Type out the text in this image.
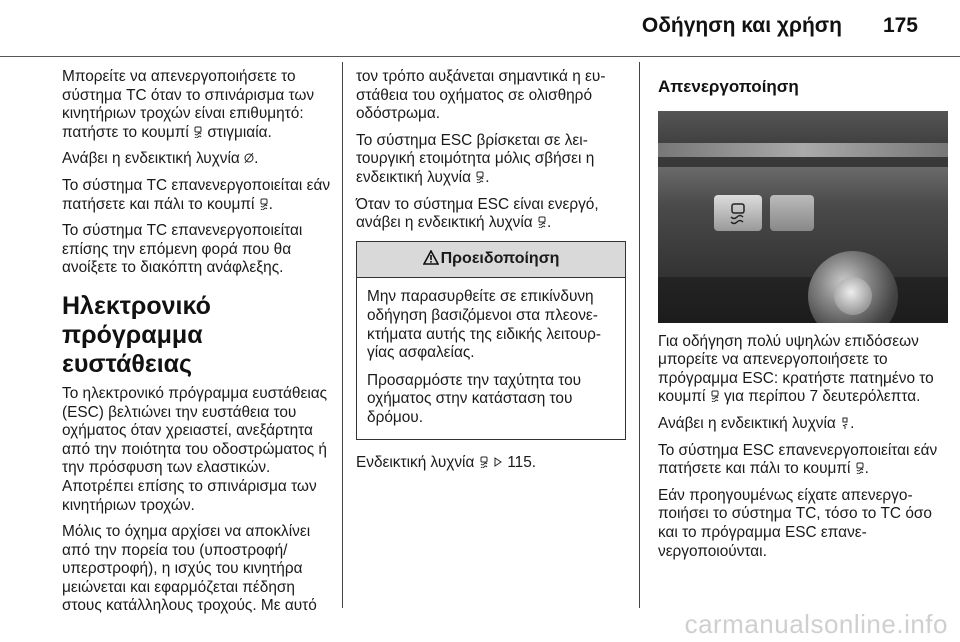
Οδήγηση και χρήση 175

Μπορείτε να απενεργοποιήσετε το σύστημα TC όταν το σπινάρισμα των κινητήριων τροχών είναι επιθυμητό: πατήστε το κουμπί στιγμιαία.

Ανάβει η ενδεικτική λυχνία .

Το σύστημα TC επανενεργοποιείται εάν πατήσετε και πάλι το κουμπί .

Το σύστημα TC επανενεργοποιείται επίσης την επόμενη φορά που θα ανοίξετε το διακόπτη ανάφλεξης.

Ηλεκτρονικό πρόγραμμα ευστάθειας

Το ηλεκτρονικό πρόγραμμα ευστάθειας (ESC) βελτιώνει την ευστάθεια του οχήματος όταν χρειαστεί, ανεξάρτητα από την ποιότητα του οδοστρώματος ή την πρόσφυση των ελαστικών. Αποτρέπει επίσης το σπινάρισμα των κινητήριων τροχών.

Μόλις το όχημα αρχίσει να αποκλίνει από την πορεία του (υποστροφή/υπερστροφή), η ισχύς του κινητήρα μειώνεται και εφαρμόζεται πέδηση στους κατάλληλους τροχούς. Με αυτό

τον τρόπο αυξάνεται σημαντικά η ευστάθεια του οχήματος σε ολισθηρό οδόστρωμα.

Το σύστημα ESC βρίσκεται σε λειτουργική ετοιμότητα μόλις σβήσει η ενδεικτική λυχνία .

Όταν το σύστημα ESC είναι ενεργό, ανάβει η ενδεικτική λυχνία .

Προειδοποίηση

Μην παρασυρθείτε σε επικίνδυνη οδήγηση βασιζόμενοι στα πλεονεκτήματα αυτής της ειδικής λειτουργίας ασφαλείας.

Προσαρμόστε την ταχύτητα του οχήματος στην κατάσταση του δρόμου.

Ενδεικτική λυχνία 115.

Απενεργοποίηση

Για οδήγηση πολύ υψηλών επιδόσεων μπορείτε να απενεργοποιήσετε το πρόγραμμα ESC: κρατήστε πατημένο το κουμπί για περίπου 7 δευτερόλεπτα.

Ανάβει η ενδεικτική λυχνία .

Το σύστημα ESC επανενεργοποιείται εάν πατήσετε και πάλι το κουμπί .

Εάν προηγουμένως είχατε απενεργοποιήσει το σύστημα TC, τόσο το TC όσο και το πρόγραμμα ESC επανενεργοποιούνται.

carmanualsonline.info
